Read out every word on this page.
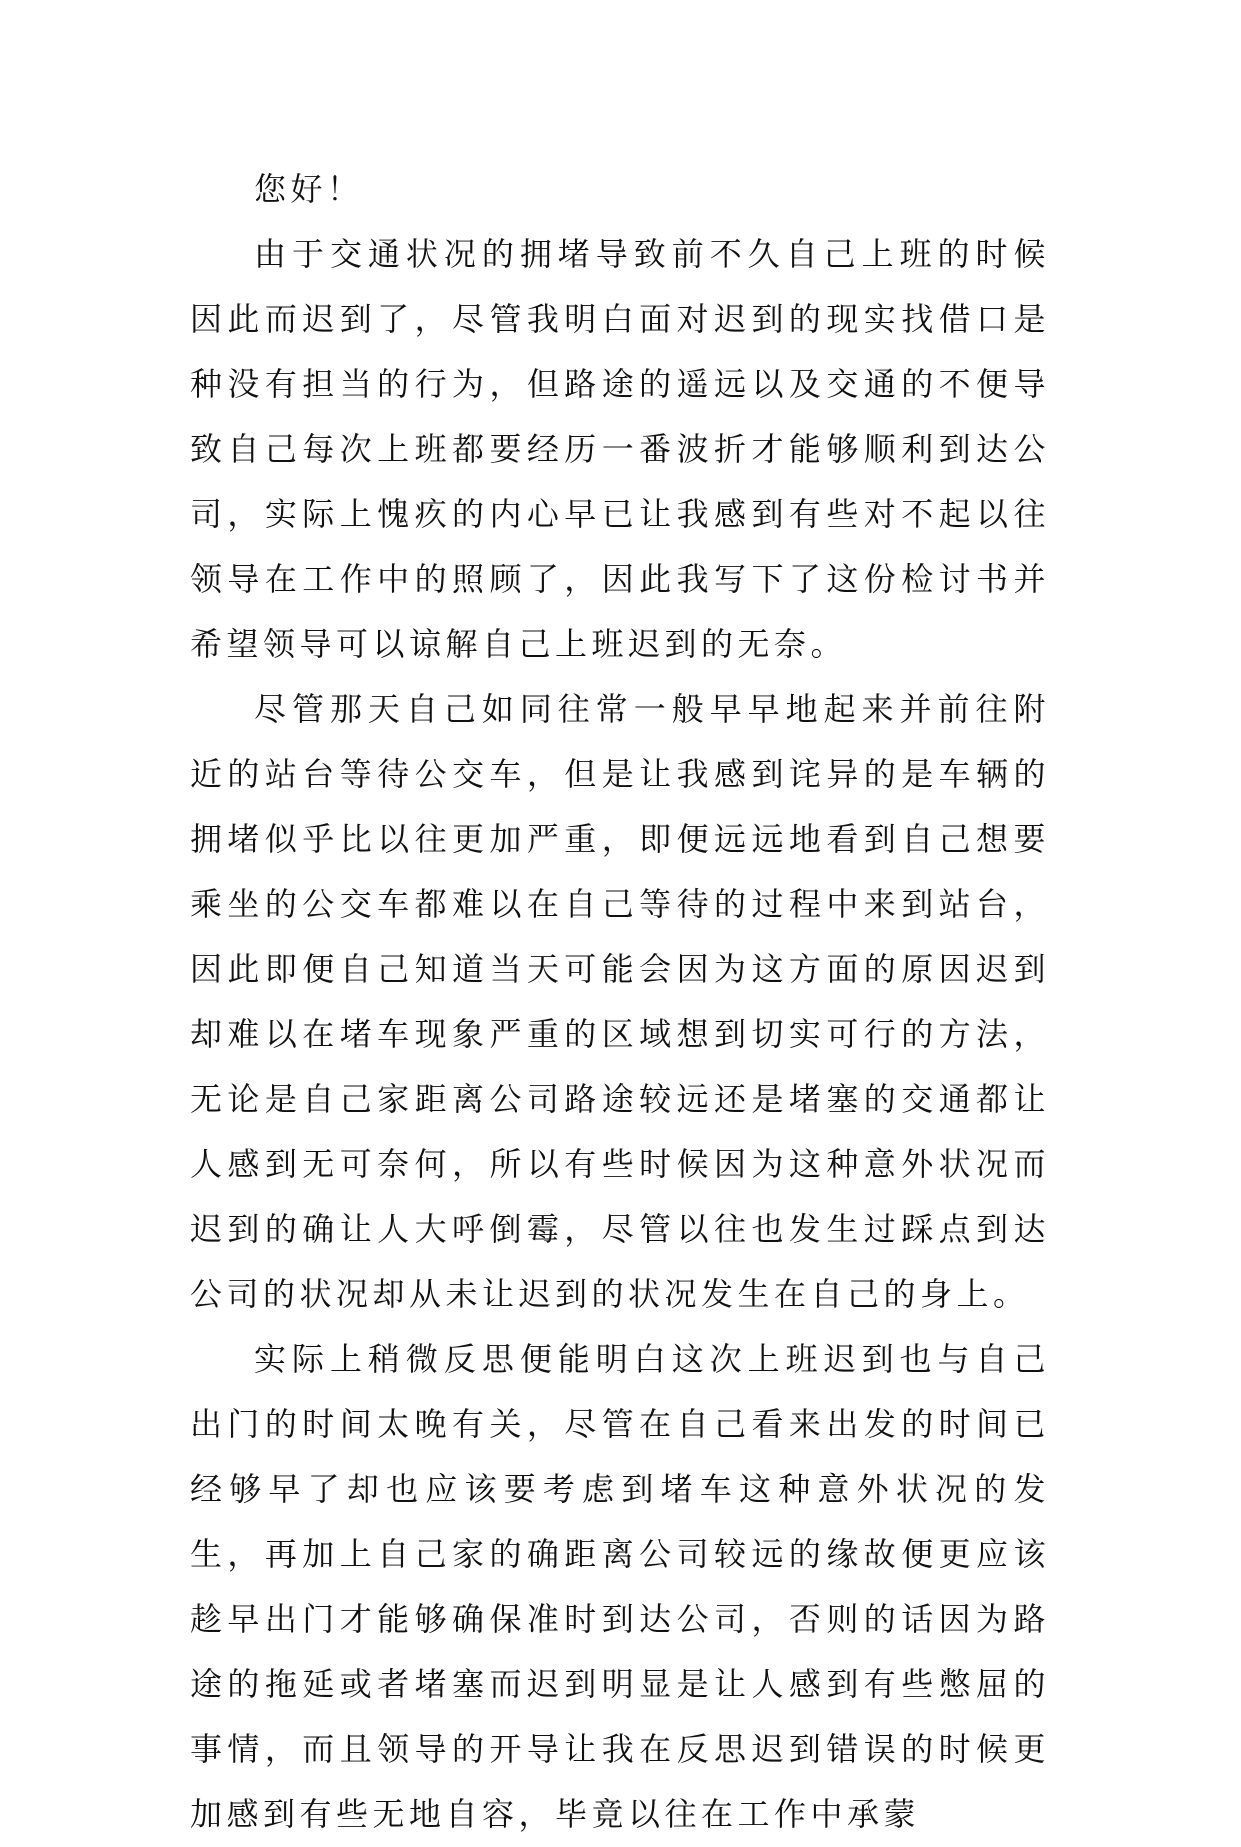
您好！

由于交通状况的拥堵导致前不久自己上班的时候因此而迟到了，尽管我明白面对迟到的现实找借口是种没有担当的行为，但路途的遥远以及交通的不便导致自己每次上班都要经历一番波折才能够顺利到达公司，实际上愧疚的内心早已让我感到有些对不起以往领导在工作中的照顾了，因此我写下了这份检讨书并希望领导可以谅解自己上班迟到的无奈。

尽管那天自己如同往常一般早早地起来并前往附近的站台等待公交车，但是让我感到诧异的是车辆的拥堵似乎比以往更加严重，即便远远地看到自己想要乘坐的公交车都难以在自己等待的过程中来到站台，因此即便自己知道当天可能会因为这方面的原因迟到却难以在堵车现象严重的区域想到切实可行的方法，无论是自己家距离公司路途较远还是堵塞的交通都让人感到无可奈何，所以有些时候因为这种意外状况而迟到的确让人大呼倒霉，尽管以往也发生过踩点到达公司的状况却从未让迟到的状况发生在自己的身上。

实际上稍微反思便能明白这次上班迟到也与自己出门的时间太晚有关，尽管在自己看来出发的时间已经够早了却也应该要考虑到堵车这种意外状况的发生，再加上自己家的确距离公司较远的缘故便更应该趁早出门才能够确保准时到达公司，否则的话因为路途的拖延或者堵塞而迟到明显是让人感到有些憋屈的事情，而且领导的开导让我在反思迟到错误的时候更加感到有些无地自容，毕竟以往在工作中承蒙
